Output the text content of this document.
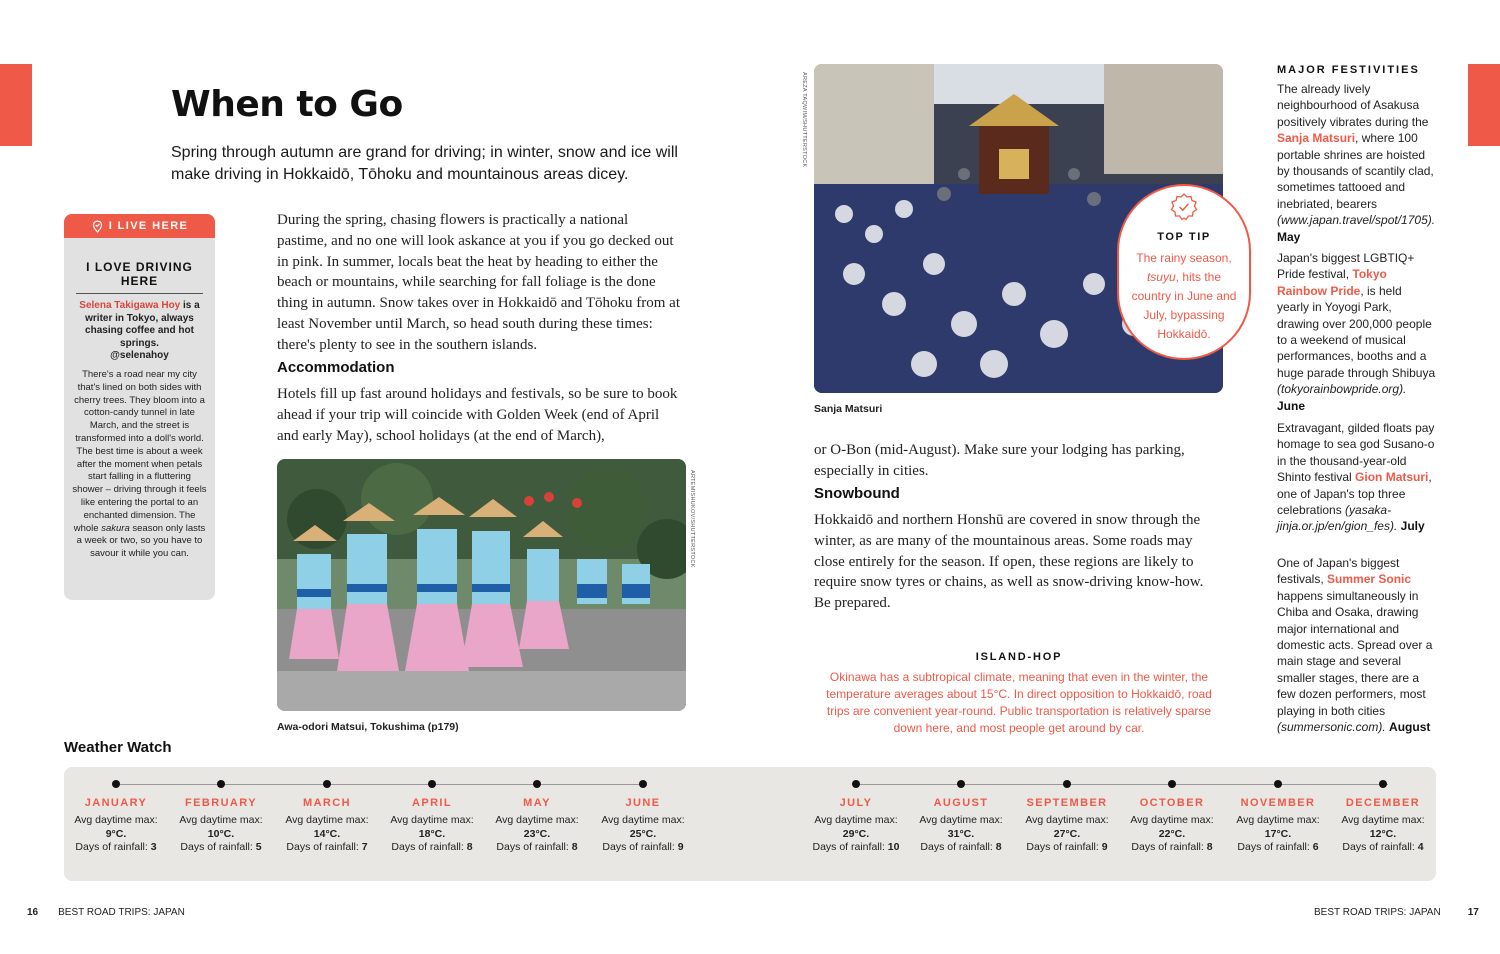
When to Go

Spring through autumn are grand for driving; in winter, snow and ice will make driving in Hokkaidō, Tōhoku and mountainous areas dicey.

I LIVE HERE
I LOVE DRIVING HERE
Selena Takigawa Hoy is a writer in Tokyo, always chasing coffee and hot springs.
@selenahoy
There's a road near my city that's lined on both sides with cherry trees. They bloom into a cotton-candy tunnel in late March, and the street is transformed into a doll's world. The best time is about a week after the moment when petals start falling in a fluttering shower – driving through it feels like entering the portal to an enchanted dimension. The whole sakura season only lasts a week or two, so you have to savour it while you can.

During the spring, chasing flowers is practically a national pastime, and no one will look askance at you if you go decked out in pink. In summer, locals beat the heat by heading to either the beach or mountains, while searching for fall foliage is the done thing in autumn. Snow takes over in Hokkaidō and Tōhoku from at least November until March, so head south during these times: there's plenty to see in the southern islands.

Accommodation

Hotels fill up fast around holidays and festivals, so be sure to book ahead if your trip will coincide with Golden Week (end of April and early May), school holidays (at the end of March),

ARTEMISHUKOV/SHUTTERSTOCK
Awa-odori Matsui, Tokushima (p179)
AREZA TAQWIM/SHUTTERSTOCK
Sanja Matsuri
TOP TIP
The rainy season, tsuyu, hits the country in June and July, bypassing Hokkaidō.

or O-Bon (mid-August). Make sure your lodging has parking, especially in cities.

Snowbound

Hokkaidō and northern Honshū are covered in snow through the winter, as are many of the mountainous areas. Some roads may close entirely for the season. If open, these regions are likely to require snow tyres or chains, as well as snow-driving know-how. Be prepared.

ISLAND-HOP

Okinawa has a subtropical climate, meaning that even in the winter, the temperature averages about 15°C. In direct opposition to Hokkaidō, road trips are convenient year-round. Public transportation is relatively sparse down here, and most people get around by car.

MAJOR FESTIVITIES

The already lively neighbourhood of Asakusa positively vibrates during the Sanja Matsuri, where 100 portable shrines are hoisted by thousands of scantily clad, sometimes tattooed and inebriated, bearers (www.japan.travel/spot/1705). May

Japan's biggest LGBTIQ+ Pride festival, Tokyo Rainbow Pride, is held yearly in Yoyogi Park, drawing over 200,000 people to a weekend of musical performances, booths and a huge parade through Shibuya (tokyorainbowpride.org). June

Extravagant, gilded floats pay homage to sea god Susano-o in the thousand-year-old Shinto festival Gion Matsuri, one of Japan's top three celebrations (yasaka-jinja.or.jp/en/gion_fes). July

One of Japan's biggest festivals, Summer Sonic happens simultaneously in Chiba and Osaka, drawing major international and domestic acts. Spread over a main stage and several smaller stages, there are a few dozen performers, most playing in both cities (summersonic.com). August

Weather Watch
JANUARY
Avg daytime max:
9°C.
Days of rainfall: 3
FEBRUARY
Avg daytime max:
10°C.
Days of rainfall: 5
MARCH
Avg daytime max:
14°C.
Days of rainfall: 7
APRIL
Avg daytime max:
18°C.
Days of rainfall: 8
MAY
Avg daytime max:
23°C.
Days of rainfall: 8
JUNE
Avg daytime max:
25°C.
Days of rainfall: 9
JULY
Avg daytime max:
29°C.
Days of rainfall: 10
AUGUST
Avg daytime max:
31°C.
Days of rainfall: 8
SEPTEMBER
Avg daytime max:
27°C.
Days of rainfall: 9
OCTOBER
Avg daytime max:
22°C.
Days of rainfall: 8
NOVEMBER
Avg daytime max:
17°C.
Days of rainfall: 6
DECEMBER
Avg daytime max:
12°C.
Days of rainfall: 4
16 BEST ROAD TRIPS: JAPAN	BEST ROAD TRIPS: JAPAN	17
